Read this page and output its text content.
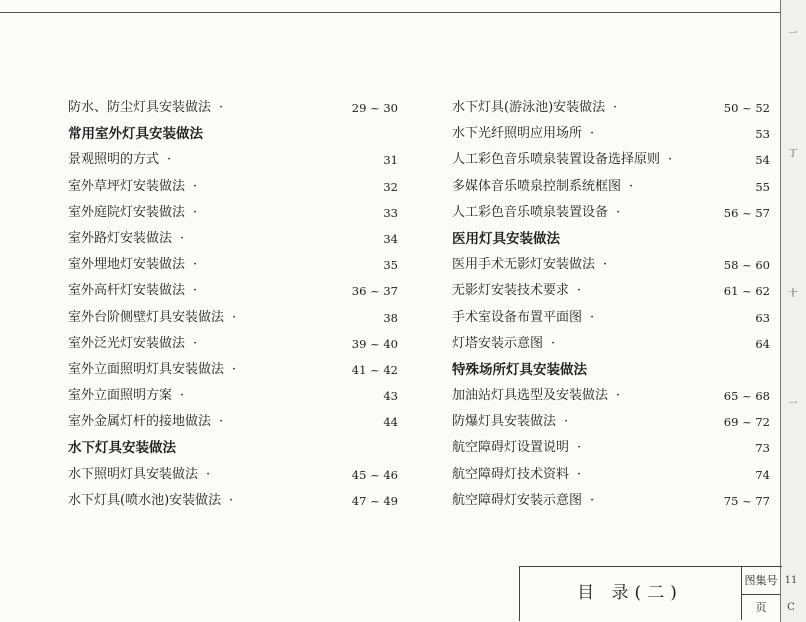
一
丁
十
一
防水、防尘灯具安装做法 ·	29 ~ 30
常用室外灯具安装做法
景观照明的方式 ·	31
室外草坪灯安装做法 ·	32
室外庭院灯安装做法 ·	33
室外路灯安装做法 ·	34
室外埋地灯安装做法 ·	35
室外高杆灯安装做法 ·	36 ~ 37
室外台阶侧壁灯具安装做法 ·	38
室外泛光灯安装做法 ·	39 ~ 40
室外立面照明灯具安装做法 ·	41 ~ 42
室外立面照明方案 ·	43
室外金属灯杆的接地做法 ·	44
水下灯具安装做法
水下照明灯具安装做法 ·	45 ~ 46
水下灯具(喷水池)安装做法 ·	47 ~ 49
水下灯具(游泳池)安装做法 ·	50 ~ 52
水下光纤照明应用场所 ·	53
人工彩色音乐喷泉装置设备选择原则 ·	54
多媒体音乐喷泉控制系统框图 ·	55
人工彩色音乐喷泉装置设备 ·	56 ~ 57
医用灯具安装做法
医用手术无影灯安装做法 ·	58 ~ 60
无影灯安装技术要求 ·	61 ~ 62
手术室设备布置平面图 ·	63
灯塔安装示意图 ·	64
特殊场所灯具安装做法
加油站灯具选型及安装做法 ·	65 ~ 68
防爆灯具安装做法 ·	69 ~ 72
航空障碍灯设置说明 ·	73
航空障碍灯技术资料 ·	74
航空障碍灯安装示意图 ·	75 ~ 77
目 录(二)
图集号
页
11
C
